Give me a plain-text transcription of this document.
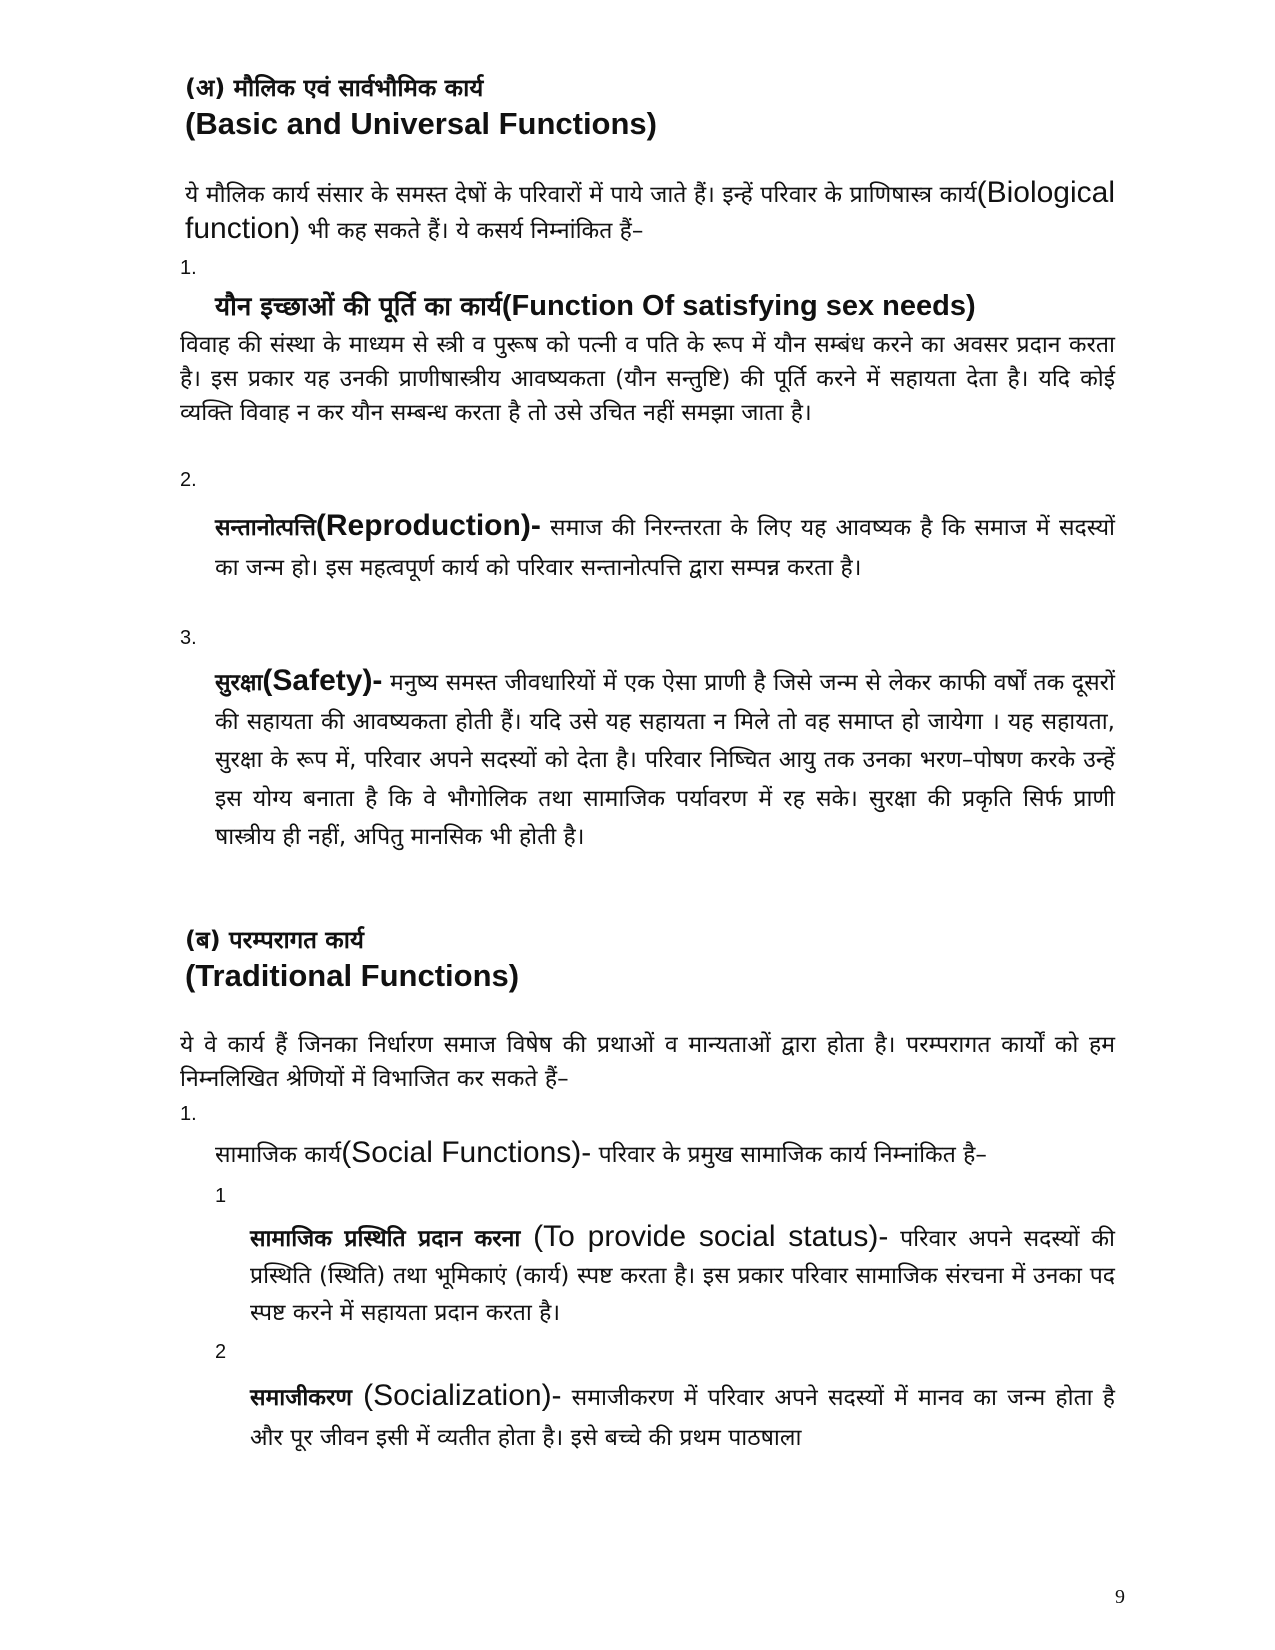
(अ) मौलिक एवं सार्वभौमिक कार्य
(Basic and Universal Functions)
ये मौलिक कार्य संसार के समस्त देषों के परिवारों में पाये जाते हैं। इन्हें परिवार के प्राणिषास्त्र कार्य(Biological function) भी कह सकते हैं। ये कसर्य निम्नांकित हैं–
1.
यौन इच्छाओं की पूर्ति का कार्य(Function Of satisfying sex needs)
विवाह की संस्था के माध्यम से स्त्री व पुरूष को पत्नी व पति के रूप में यौन सम्बंध करने का अवसर प्रदान करता है। इस प्रकार यह उनकी प्राणीषास्त्रीय आवष्यकता (यौन सन्तुष्टि) की पूर्ति करने में सहायता देता है। यदि कोई व्यक्ति विवाह न कर यौन सम्बन्ध करता है तो उसे उचित नहीं समझा जाता है।
2.
सन्तानोत्पत्ति(Reproduction)- समाज की निरन्तरता के लिए यह आवष्यक है कि समाज में सदस्यों का जन्म हो। इस महत्वपूर्ण कार्य को परिवार सन्तानोत्पत्ति द्वारा सम्पन्न करता है।
3.
सुरक्षा(Safety)- मनुष्य समस्त जीवधारियों में एक ऐसा प्राणी है जिसे जन्म से लेकर काफी वर्षों तक दूसरों की सहायता की आवष्यकता होती हैं। यदि उसे यह सहायता न मिले तो वह समाप्त हो जायेगा । यह सहायता, सुरक्षा के रूप में, परिवार अपने सदस्यों को देता है। परिवार निष्चित आयु तक उनका भरण–पोषण करके उन्हें इस योग्य बनाता है कि वे भौगोलिक तथा सामाजिक पर्यावरण में रह सके। सुरक्षा की प्रकृति सिर्फ प्राणी षास्त्रीय ही नहीं, अपितु मानसिक भी होती है।
(ब) परम्परागत कार्य
(Traditional Functions)
ये वे कार्य हैं जिनका निर्धारण समाज विषेष की प्रथाओं व मान्यताओं द्वारा होता है। परम्परागत कार्यों को हम निम्नलिखित श्रेणियों में विभाजित कर सकते हैं–
1.
सामाजिक कार्य(Social Functions)- परिवार के प्रमुख सामाजिक कार्य निम्नांकित है–
1
सामाजिक प्रस्थिति प्रदान करना (To provide social status)- परिवार अपने सदस्यों की प्रस्थिति (स्थिति) तथा भूमिकाएं (कार्य) स्पष्ट करता है। इस प्रकार परिवार सामाजिक संरचना में उनका पद स्पष्ट करने में सहायता प्रदान करता है।
2
समाजीकरण (Socialization)- समाजीकरण में परिवार अपने सदस्यों में मानव का जन्म होता है और पूर जीवन इसी में व्यतीत होता है। इसे बच्चे की प्रथम पाठषाला
9
